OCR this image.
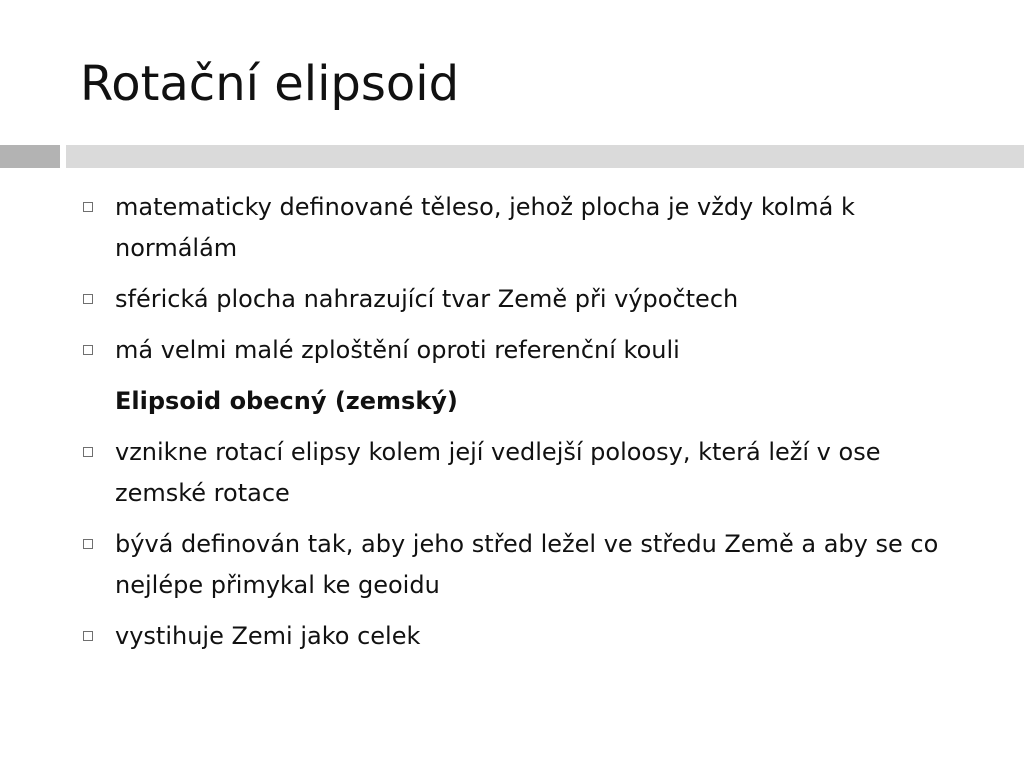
Rotační elipsoid
matematicky definované těleso, jehož plocha je vždy kolmá k normálám
sférická plocha nahrazující tvar Země při výpočtech
má velmi malé zploštění oproti referenční kouli
Elipsoid obecný (zemský)
vznikne rotací elipsy kolem její vedlejší poloosy, která leží v ose zemské rotace
bývá definován tak, aby jeho střed ležel ve středu Země a aby se co nejlépe přimykal ke geoidu
vystihuje Zemi jako celek
